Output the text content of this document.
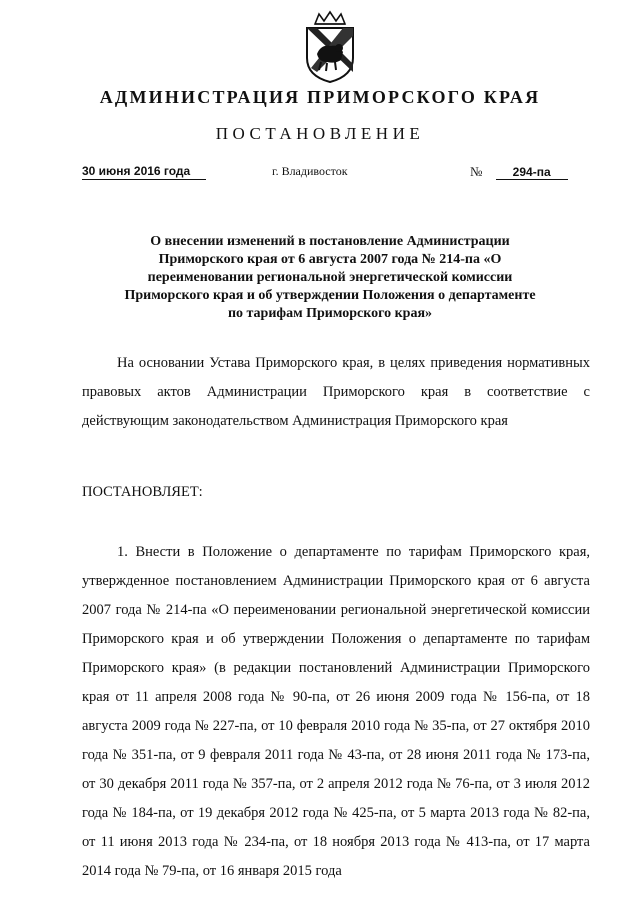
АДМИНИСТРАЦИЯ ПРИМОРСКОГО КРАЯ
ПОСТАНОВЛЕНИЕ
30 июня 2016 года	г. Владивосток	№	294-па
О внесении изменений в постановление Администрации Приморского края от 6 августа 2007 года № 214-па «О переименовании региональной энергетической комиссии Приморского края и об утверждении Положения о департаменте по тарифам Приморского края»
На основании Устава Приморского края, в целях приведения нормативных правовых актов Администрации Приморского края в соответствие с действующим законодательством Администрация Приморского края
ПОСТАНОВЛЯЕТ:
1. Внести в Положение о департаменте по тарифам Приморского края, утвержденное постановлением Администрации Приморского края от 6 августа 2007 года № 214-па «О переименовании региональной энергетической комиссии Приморского края и об утверждении Положения о департаменте по тарифам Приморского края» (в редакции постановлений Администрации Приморского края от 11 апреля 2008 года № 90-па, от 26 июня 2009 года № 156-па, от 18 августа 2009 года № 227-па, от 10 февраля 2010 года № 35-па, от 27 октября 2010 года № 351-па, от 9 февраля 2011 года № 43-па, от 28 июня 2011 года № 173-па, от 30 декабря 2011 года № 357-па, от 2 апреля 2012 года № 76-па, от 3 июля 2012 года № 184-па, от 19 декабря 2012 года № 425-па, от 5 марта 2013 года № 82-па, от 11 июня 2013 года № 234-па, от 18 ноября 2013 года № 413-па, от 17 марта 2014 года № 79-па, от 16 января 2015 года
